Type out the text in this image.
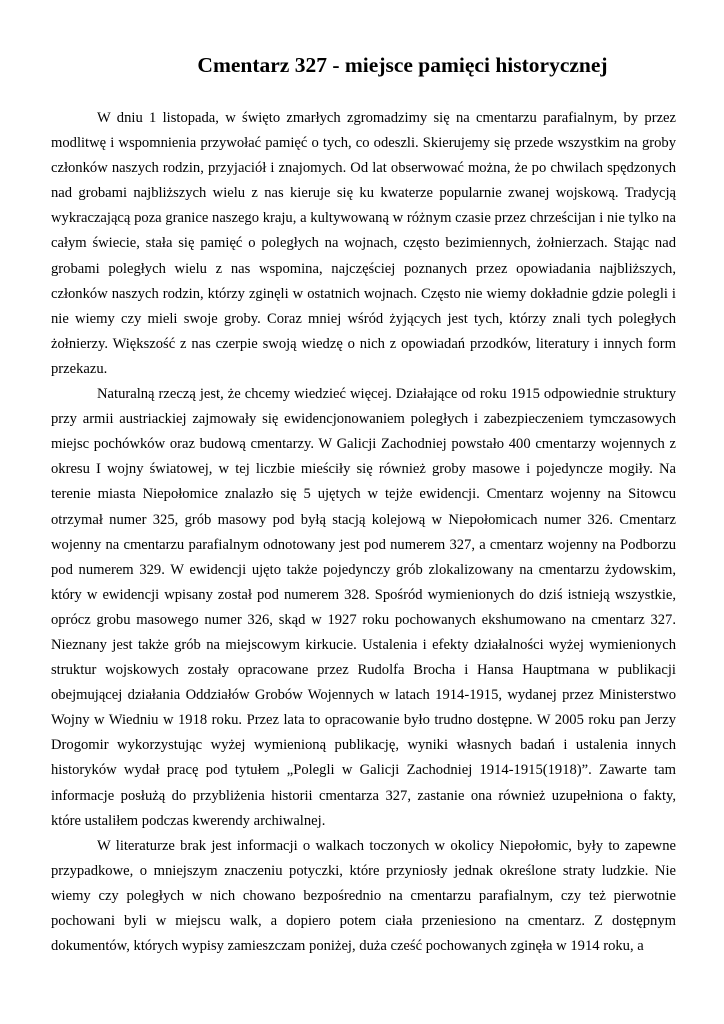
Cmentarz 327 - miejsce pamięci historycznej

W dniu 1 listopada, w święto zmarłych zgromadzimy się na cmentarzu parafialnym, by przez modlitwę i wspomnienia przywołać pamięć o tych, co odeszli. Skierujemy się przede wszystkim na groby członków naszych rodzin, przyjaciół i znajomych. Od lat obserwować można, że po chwilach spędzonych nad grobami najbliższych wielu z nas kieruje się ku kwaterze popularnie zwanej wojskową. Tradycją wykraczającą poza granice naszego kraju, a kultywowaną w różnym czasie przez chrześcijan i nie tylko na całym świecie, stała się pamięć o poległych na wojnach, często bezimiennych, żołnierzach. Stając nad grobami poległych wielu z nas wspomina, najczęściej poznanych przez opowiadania najbliższych, członków naszych rodzin, którzy zginęli w ostatnich wojnach. Często nie wiemy dokładnie gdzie polegli i nie wiemy czy mieli swoje groby. Coraz mniej wśród żyjących jest tych, którzy znali tych poległych żołnierzy. Większość z nas czerpie swoją wiedzę o nich z opowiadań przodków, literatury i innych form przekazu.

Naturalną rzeczą jest, że chcemy wiedzieć więcej. Działające od roku 1915 odpowiednie struktury przy armii austriackiej zajmowały się ewidencjonowaniem poległych i zabezpieczeniem tymczasowych miejsc pochówków oraz budową cmentarzy. W Galicji Zachodniej powstało 400 cmentarzy wojennych z okresu I wojny światowej, w tej liczbie mieściły się również groby masowe i pojedyncze mogiły. Na terenie miasta Niepołomice znalazło się 5 ujętych w tejże ewidencji. Cmentarz wojenny na Sitowcu otrzymał numer 325, grób masowy pod byłą stacją kolejową w Niepołomicach numer 326. Cmentarz wojenny na cmentarzu parafialnym odnotowany jest pod numerem 327, a cmentarz wojenny na Podborzu pod numerem 329. W ewidencji ujęto także pojedynczy grób zlokalizowany na cmentarzu żydowskim, który w ewidencji wpisany został pod numerem 328. Spośród wymienionych do dziś istnieją wszystkie, oprócz grobu masowego numer 326, skąd w 1927 roku pochowanych ekshumowano na cmentarz 327. Nieznany jest także grób na miejscowym kirkucie. Ustalenia i efekty działalności wyżej wymienionych struktur wojskowych zostały opracowane przez Rudolfa Brocha i Hansa Hauptmana w publikacji obejmującej działania Oddziałów Grobów Wojennych w latach 1914-1915, wydanej przez Ministerstwo Wojny w Wiedniu w 1918 roku. Przez lata to opracowanie było trudno dostępne. W 2005 roku pan Jerzy Drogomir wykorzystując wyżej wymienioną publikację, wyniki własnych badań i ustalenia innych historyków wydał pracę pod tytułem „Polegli w Galicji Zachodniej 1914-1915(1918)”. Zawarte tam informacje posłużą do przybliżenia historii cmentarza 327, zastanie ona również uzupełniona o fakty, które ustaliłem podczas kwerendy archiwalnej.

W literaturze brak jest informacji o walkach toczonych w okolicy Niepołomic, były to zapewne przypadkowe, o mniejszym znaczeniu potyczki, które przyniosły jednak określone straty ludzkie. Nie wiemy czy poległych w nich chowano bezpośrednio na cmentarzu parafialnym, czy też pierwotnie pochowani byli w miejscu walk, a dopiero potem ciała przeniesiono na cmentarz. Z dostępnym dokumentów, których wypisy zamieszczam poniżej, duża cześć pochowanych zginęła w 1914 roku, a
